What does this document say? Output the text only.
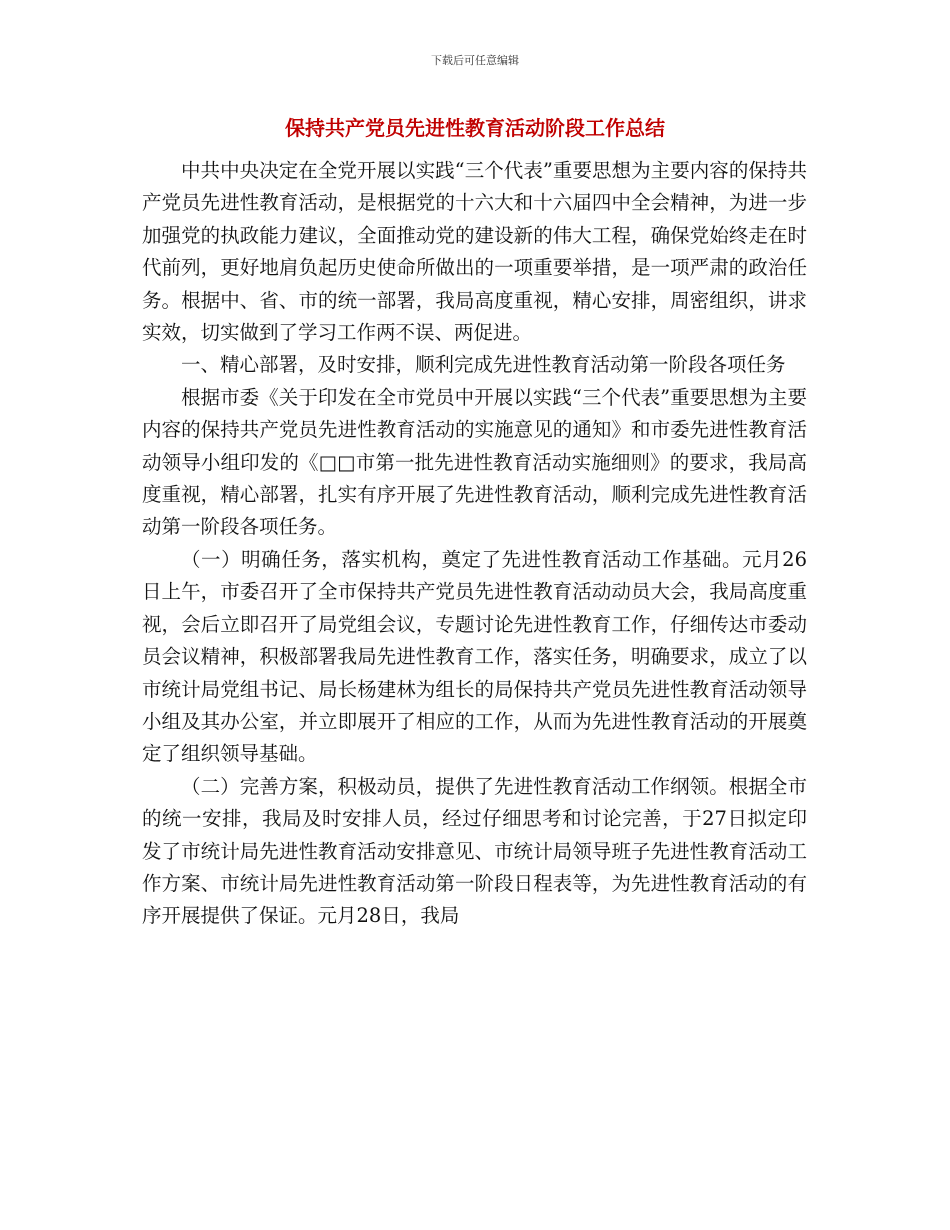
下载后可任意编辑
保持共产党员先进性教育活动阶段工作总结

中共中央决定在全党开展以实践“三个代表”重要思想为主要内容的保持共产党员先进性教育活动，是根据党的十六大和十六届四中全会精神，为进一步加强党的执政能力建议，全面推动党的建设新的伟大工程，确保党始终走在时代前列，更好地肩负起历史使命所做出的一项重要举措，是一项严肃的政治任务。根据中、省、市的统一部署，我局高度重视，精心安排，周密组织，讲求实效，切实做到了学习工作两不误、两促进。

一、精心部署，及时安排，顺利完成先进性教育活动第一阶段各项任务

根据市委《关于印发在全市党员中开展以实践“三个代表”重要思想为主要内容的保持共产党员先进性教育活动的实施意见的通知》和市委先进性教育活动领导小组印发的《□□市第一批先进性教育活动实施细则》的要求，我局高度重视，精心部署，扎实有序开展了先进性教育活动，顺利完成先进性教育活动第一阶段各项任务。

（一）明确任务，落实机构，奠定了先进性教育活动工作基础。元月26日上午，市委召开了全市保持共产党员先进性教育活动动员大会，我局高度重视，会后立即召开了局党组会议，专题讨论先进性教育工作，仔细传达市委动员会议精神，积极部署我局先进性教育工作，落实任务，明确要求，成立了以市统计局党组书记、局长杨建林为组长的局保持共产党员先进性教育活动领导小组及其办公室，并立即展开了相应的工作，从而为先进性教育活动的开展奠定了组织领导基础。

（二）完善方案，积极动员，提供了先进性教育活动工作纲领。根据全市的统一安排，我局及时安排人员，经过仔细思考和讨论完善，于27日拟定印发了市统计局先进性教育活动安排意见、市统计局领导班子先进性教育活动工作方案、市统计局先进性教育活动第一阶段日程表等，为先进性教育活动的有序开展提供了保证。元月28日，我局
